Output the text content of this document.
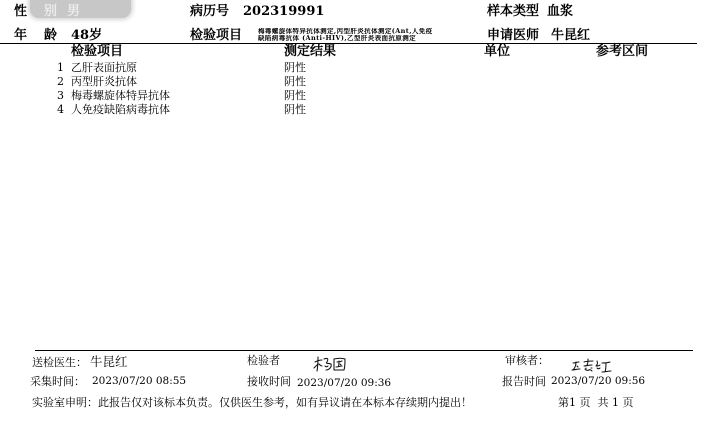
性 别 男	病历号 202319991	样本类型 血浆
年 龄 48岁	检验项目 梅毒螺旋体特异抗体测定,丙型肝炎抗体测定(Ant,人免疫
缺陷病毒抗体 (Anti-HIV),乙型肝炎表面抗原测定	申请医师 牛昆红
检验项目	测定结果	单位	参考区间
1 乙肝表面抗原	阴性
2 丙型肝炎抗体	阴性
3 梅毒螺旋体特异抗体	阴性
4 人免疫缺陷病毒抗体	阴性
送检医生： 牛昆红	检验者	审核者：
采集时间： 2023/07/20 08:55	接收时间 2023/07/20 09:36	报告时间 2023/07/20 09:56
实验室申明：此报告仅对该标本负责。仅供医生参考，如有异议请在本标本存续期内提出！	第1 页  共 1 页
